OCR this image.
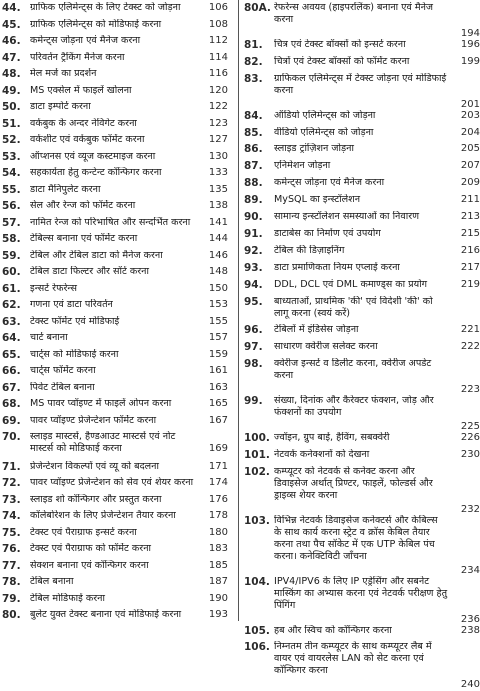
44. ग्राफिक एलिमेन्ट्स के लिए टेक्स्ट को जोड़ना	106
45. ग्राफिक एलिमेन्ट्स को मोडिफाई करना	108
46. कमेन्ट्स जोड़ना एवं मैनेज करना	112
47. परिवर्तन ट्रैकिंग मैनेज करना	114
48. मेल मर्ज का प्रदर्शन	116
49. MS एक्सेल में फाइलें खोलना	120
50. डाटा इम्पोर्ट करना	122
51. वर्कबुक के अन्दर नेविगेट करना	123
52. वर्कशीट एवं वर्कबुक फॉर्मेट करना	127
53. ऑप्शनस एवं व्यूज कस्टमाइज करना	130
54. सहकार्यता हेतु कन्टेन्ट कॉन्फिगर करना	133
55. डाटा मैनिपुलेट करना	135
56. सेल और रेन्ज को फॉर्मेट करना	138
57. नामित रेन्ज को परिभाषित और सन्दर्भित करना	141
58. टेबिल्स बनाना एवं फॉर्मेट करना	144
59. टेबिल और टेबिल डाटा को मैनेज करना	146
60. टेबिल डाटा फिल्टर और सॉर्ट करना	148
61. इन्सर्ट रेफरेन्स	150
62. गणना एवं डाटा परिवर्तन	153
63. टेक्स्ट फॉर्मेट एवं मोडिफाई	155
64. चार्ट बनाना	157
65. चार्ट्स को मोडिफाई करना	159
66. चार्ट्स फॉर्मेट करना	161
67. पिवेट टेबिल बनाना	163
68. MS पावर प्वॉइण्ट में फाइलें ओपन करना	165
69. पावर प्वॉइण्ट प्रेजेन्टेशन फॉर्मेट करना	167
70. स्लाइड मास्टर्स, हैण्डआउट मास्टर्स एवं नोट
मास्टर्स को मोडिफाई करना	169
71. प्रेजेन्टेशन विकल्पों एवं व्यू को बदलना	171
72. पावर प्वॉइण्ट प्रेजेन्टेशन को सेव एवं शेयर करना	174
73. स्लाइड शो कॉन्फिगर और प्रस्तुत करना	176
74. कॉलेबोरेशन के लिए प्रेजेन्टेशन तैयार करना	178
75. टेक्स्ट एवं पैराग्राफ इन्सर्ट करना	180
76. टेक्स्ट एवं पैराग्राफ को फॉर्मेट करना	183
77. सेक्शन बनाना एवं कॉन्फिगर करना	185
78. टेबिल बनाना	187
79. टेबिल मोडिफाई करना	190
80. बुलेट युक्त टेक्स्ट बनाना एवं मोडिफाई करना	193
80A. रेफरेन्स अवयव (हाइपरलिंक) बनाना एवं मैनेज
करना
194
81. चित्र एवं टेक्स्ट बॉक्सों को इन्सर्ट करना	196
82. चित्रों एवं टेक्स्ट बॉक्सों को फॉर्मेट करना	199
83. ग्राफिकल एलिमेन्ट्स में टेक्स्ट जोड़ना एवं मोडिफाई
करना
201
84. ऑडियो एलिमेन्ट्स को जोड़ना	203
85. वीडियो एलिमेन्ट्स को जोड़ना	204
86. स्लाइड ट्रांज़िशन जोड़ना	205
87. एनिमेशन जोड़ना	207
88. कमेन्ट्स जोड़ना एवं मैनेज करना	209
89. MySQL का इन्स्टॉलेशन	211
90. सामान्य इन्स्टॉलेशन समस्याओं का निवारण	213
91. डाटाबेस का निर्माण एवं उपयोग	215
92. टेबिल की डिज़ाइनिंग	216
93. डाटा प्रमाणिकता नियम एप्लाई करना	217
94. DDL, DCL एवं DML कमाण्ड्स का प्रयोग	219
95. बाध्यताओं, प्राथमिक 'की' एवं विदेशी 'की' को
लागू करना (स्वयं करें)
96. टेबिलों में इंडिसेस जोड़ना	221
97. साधारण क्वेरीज सलेक्ट करना	222
98. क्वेरीज इन्सर्ट व डिलीट करना, क्वेरीज अपडेट
करना
223
99. संख्या, दिनांक और कैरेक्टर फंक्शन, जोड़ और
फंक्शनों का उपयोग
225
100. ज्वॉइन, ग्रुप बाई, हैविंग, सबक्वेरी	226
101. नेटवर्क कनेक्शनों को देखना	230
102. कम्प्यूटर को नेटवर्क से कनेक्ट करना और
डिवाइसेज अर्थात् प्रिण्टर, फाइलें, फोल्डर्स और
ड्राइव्स शेयर करना
232
103. विभिन्न नेटवर्क डिवाइसेज कनेक्टर्स और केबिल्स
के साथ कार्य करना स्ट्रेट व क्रॉस केबिल तैयार
करना तथा पैच सॉकेट में एक UTP केबिल पंच
करना। कनेक्टिविटी जाँचना
234
104. IPV4/IPV6 के लिए IP एड्रेसिंग और सबनेट
मास्किंग का अभ्यास करना एवं नेटवर्क परीक्षण हेतु
पिंगिंग
236
105. हब और स्विच को कॉन्फिगर करना	238
106. निम्नतम तीन कम्प्यूटर के साथ कम्प्यूटर लैब में
वायर एवं वायरलेस LAN को सेट करना एवं
कॉन्फिगर करना
240
